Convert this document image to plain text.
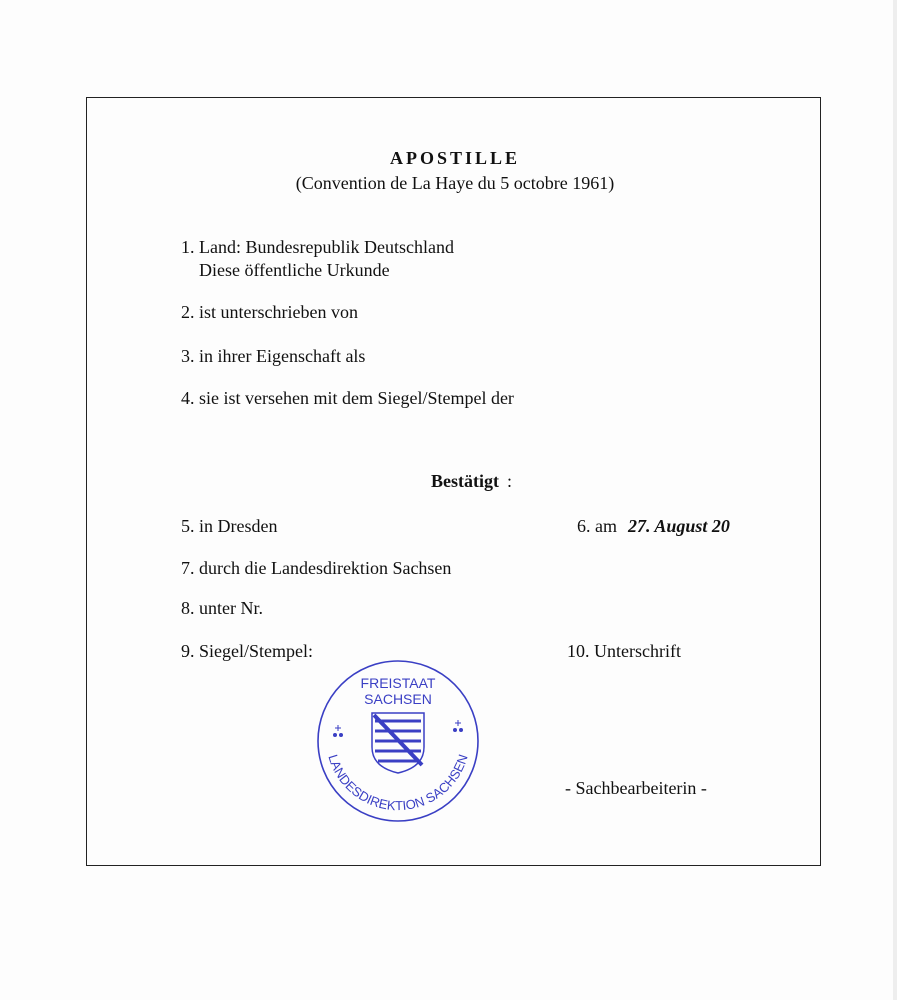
APOSTILLE
(Convention de La Haye du 5 octobre 1961)
1. Land: Bundesrepublik Deutschland
Diese öffentliche Urkunde
2. ist unterschrieben von
3. in ihrer Eigenschaft als
4. sie ist versehen mit dem Siegel/Stempel der
Bestätigt :
5. in Dresden	6. am 27. August 20
7. durch die Landesdirektion Sachsen
8. unter Nr.
9. Siegel/Stempel:	10. Unterschrift
- Sachbearbeiterin -
FREISTAAT
SACHSEN
LANDESDIREKTION SACHSEN
